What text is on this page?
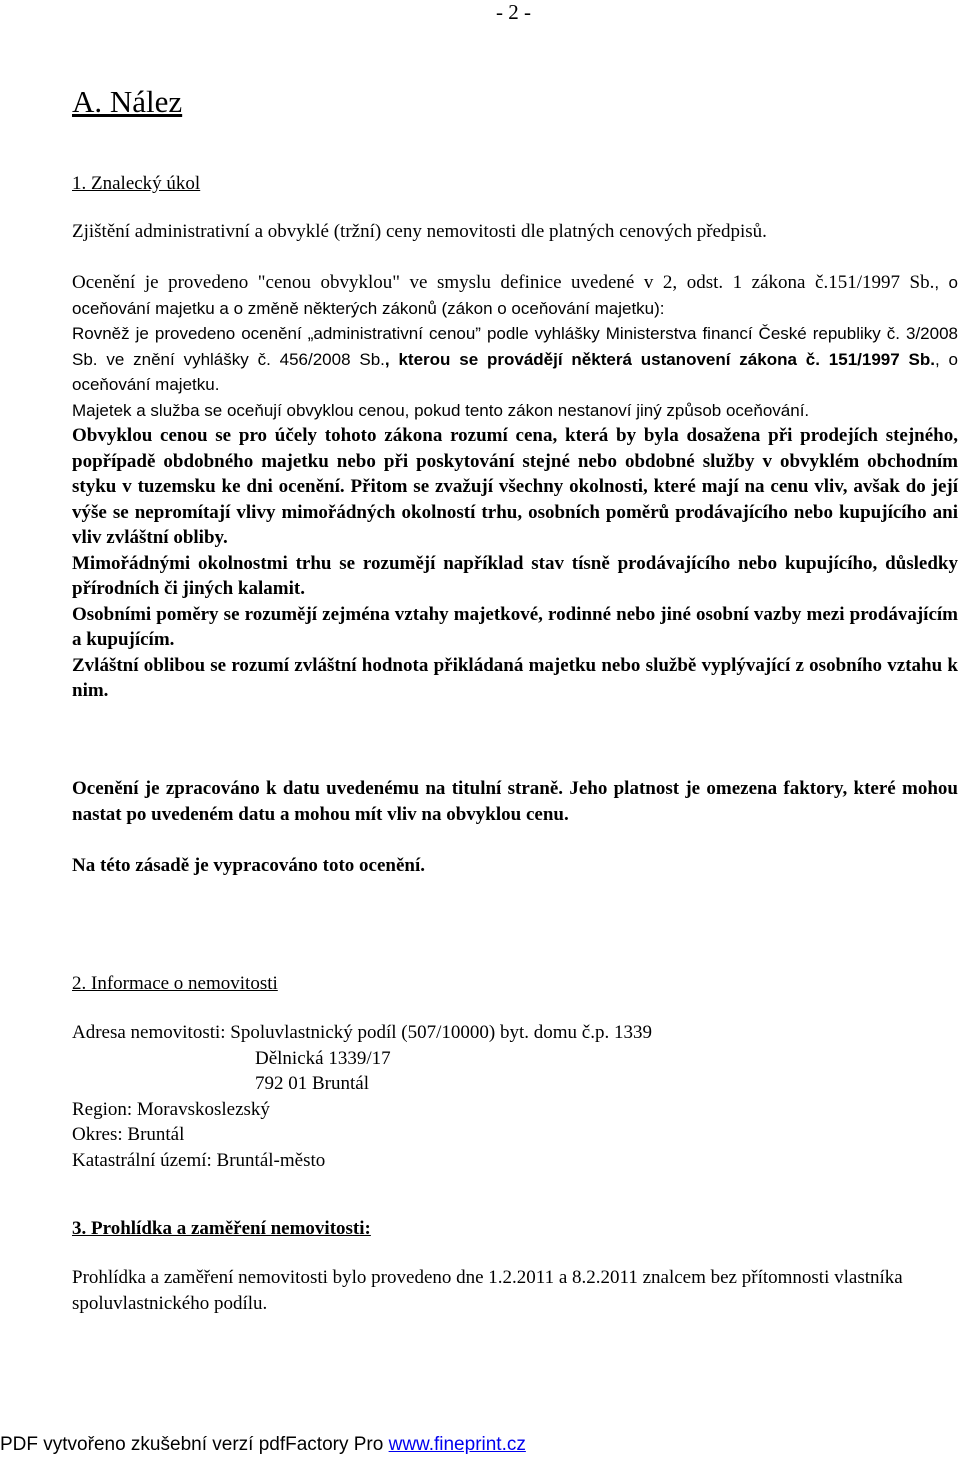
- 2 -
A. Nález
1. Znalecký úkol

Zjištění administrativní a obvyklé (tržní) ceny nemovitosti dle platných cenových předpisů.

Ocenění je provedeno "cenou obvyklou" ve smyslu definice uvedené v 2, odst. 1 zákona č.151/1997 Sb., o oceňování majetku a o změně některých zákonů (zákon o oceňování majetku):

Rovněž je provedeno ocenění „administrativní cenou” podle vyhlášky Ministerstva financí České republiky č. 3/2008 Sb. ve znění vyhlášky č. 456/2008 Sb., kterou se provádějí některá ustanovení zákona č. 151/1997 Sb., o oceňování majetku.

Majetek a služba se oceňují obvyklou cenou, pokud tento zákon nestanoví jiný způsob oceňování.

Obvyklou cenou se pro účely tohoto zákona rozumí cena, která by byla dosažena při prodejích stejného, popřípadě obdobného majetku nebo při poskytování stejné nebo obdobné služby v obvyklém obchodním styku v tuzemsku ke dni ocenění. Přitom se zvažují všechny okolnosti, které mají na cenu vliv, avšak do její výše se nepromítají vlivy mimořádných okolností trhu, osobních poměrů prodávajícího nebo kupujícího ani vliv zvláštní obliby.

Mimořádnými okolnostmi trhu se rozumějí například stav tísně prodávajícího nebo kupujícího, důsledky přírodních či jiných kalamit.

Osobními poměry se rozumějí zejména vztahy majetkové, rodinné nebo jiné osobní vazby mezi prodávajícím a kupujícím.

Zvláštní oblibou se rozumí zvláštní hodnota přikládaná majetku nebo službě vyplývající z osobního vztahu k nim.

Ocenění je zpracováno k datu uvedenému na titulní straně. Jeho platnost je omezena faktory, které mohou nastat po uvedeném datu a mohou mít vliv na obvyklou cenu.
Na této zásadě je vypracováno toto ocenění.
2. Informace o nemovitosti
Adresa nemovitosti: Spoluvlastnický podíl (507/10000) byt. domu č.p. 1339
Dělnická 1339/17
792 01 Bruntál
Region: Moravskoslezský
Okres: Bruntál
Katastrální území: Bruntál-město
3. Prohlídka a zaměření nemovitosti:
Prohlídka a zaměření nemovitosti bylo provedeno dne 1.2.2011 a 8.2.2011 znalcem bez přítomnosti vlastníka spoluvlastnického podílu.
PDF vytvořeno zkušební verzí pdfFactory Pro www.fineprint.cz
